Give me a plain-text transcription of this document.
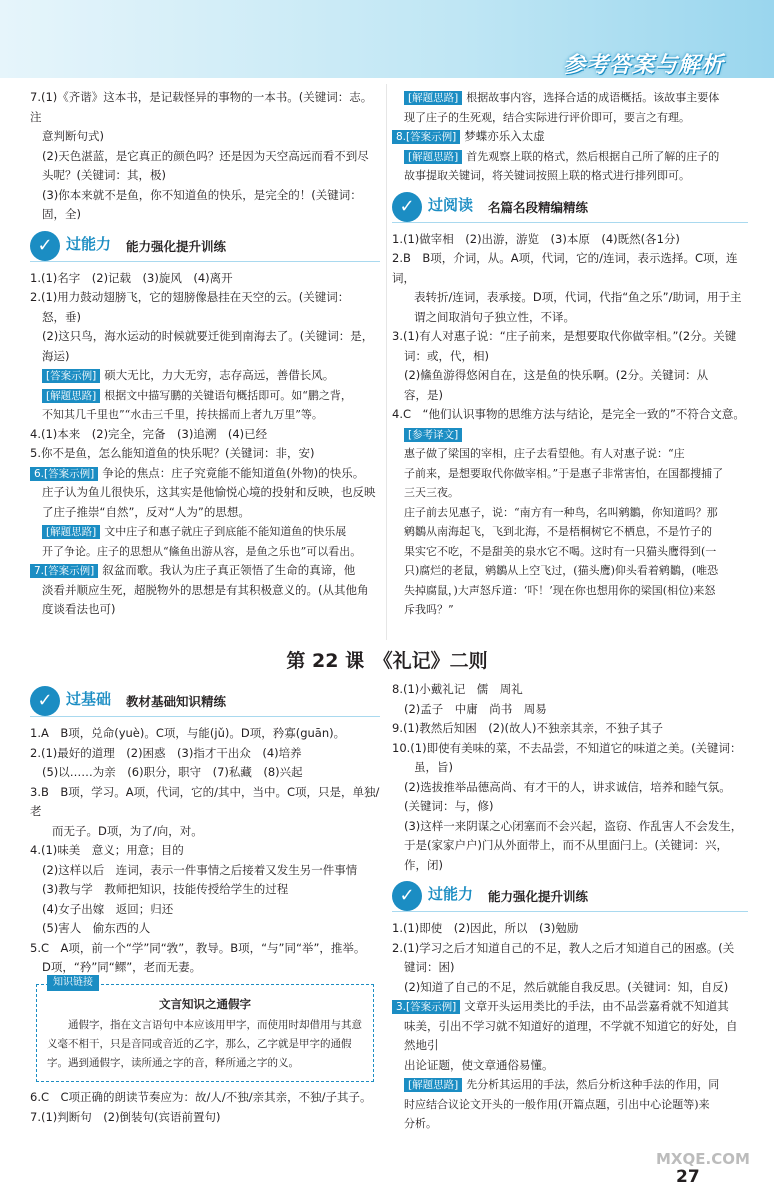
参考答案与解析

7.(1)《齐谐》这本书，是记载怪异的事物的一本书。(关键词：志。注

意判断句式)

(2)天色湛蓝，是它真正的颜色吗？还是因为天空高远而看不到尽

头呢？(关键词：其，极)

(3)你本来就不是鱼，你不知道鱼的快乐，是完全的！(关键词：

固，全)

✓ 过能力 能力强化提升训练

1.(1)名字　(2)记载　(3)旋风　(4)离开

2.(1)用力鼓动翅膀飞，它的翅膀像悬挂在天空的云。(关键词：

怒，垂)

(2)这只鸟，海水运动的时候就要迁徙到南海去了。(关键词：是，

海运)

[答案示例] 硕大无比，力大无穷，志存高远，善借长风。

[解题思路] 根据文中描写鹏的关键语句概括即可。如“鹏之背，

不知其几千里也”“水击三千里，抟扶摇而上者九万里”等。

4.(1)本来　(2)完全，完备　(3)追溯　(4)已经

5.你不是鱼，怎么能知道鱼的快乐呢？(关键词：非，安)

6.[答案示例] 争论的焦点：庄子究竟能不能知道鱼(外物)的快乐。

庄子认为鱼儿很快乐，这其实是他愉悦心境的投射和反映，也反映

了庄子推崇“自然”，反对“人为”的思想。

[解题思路] 文中庄子和惠子就庄子到底能不能知道鱼的快乐展

开了争论。庄子的思想从“鯈鱼出游从容，是鱼之乐也”可以看出。

7.[答案示例] 叙盆而歌。我认为庄子真正领悟了生命的真谛，他

淡看并顺应生死，超脱物外的思想是有其积极意义的。(从其他角

度谈看法也可)

[解题思路] 根据故事内容，选择合适的成语概括。该故事主要体

现了庄子的生死观，结合实际进行评价即可，要言之有理。

8.[答案示例] 梦蝶亦乐入太虚

[解题思路] 首先观察上联的格式，然后根据自己所了解的庄子的

故事提取关键词，将关键词按照上联的格式进行排列即可。

✓ 过阅读 名篇名段精编精练

1.(1)做宰相　(2)出游，游览　(3)本原　(4)既然(各1分)

2.B　B项，介词，从。A项，代词，它的/连词，表示选择。C项，连词，

表转折/连词，表承接。D项，代词，代指“鱼之乐”/助词，用于主

谓之间取消句子独立性，不译。

3.(1)有人对惠子说：“庄子前来，是想要取代你做宰相。”(2分。关键

词：或，代，相)

(2)鯈鱼游得悠闲自在，这是鱼的快乐啊。(2分。关键词：从

容，是)

4.C　“他们认识事物的思维方法与结论，是完全一致的”不符合文意。

[参考译文]

惠子做了梁国的宰相，庄子去看望他。有人对惠子说：“庄

子前来，是想要取代你做宰相。”于是惠子非常害怕，在国都搜捕了

三天三夜。

庄子前去见惠子，说：“南方有一种鸟，名叫鹓鶵，你知道吗？那

鹓鶵从南海起飞，飞到北海，不是梧桐树它不栖息，不是竹子的

果实它不吃，不是甜美的泉水它不喝。这时有一只猫头鹰得到(一

只)腐烂的老鼠，鹓鶵从上空飞过，(猫头鹰)仰头看着鹓鶵，(唯恐

失掉腐鼠，)大声怒斥道：‘吓！’现在你也想用你的梁国(相位)来怒

斥我吗？”

第 22 课　《礼记》二则
✓ 过基础 教材基础知识精练

1.A　B项，兑命(yuè)。C项，与能(jǔ)。D项，矜寡(guān)。

2.(1)最好的道理　(2)困惑　(3)指才干出众　(4)培养

(5)以……为亲　(6)职分，职守　(7)私藏　(8)兴起

3.B　B项，学习。A项，代词，它的/其中，当中。C项，只是，单独/老

而无子。D项，为了/向，对。

4.(1)味美　意义；用意；目的

(2)这样以后　连词，表示一件事情之后接着又发生另一件事情

(3)教与学　教师把知识，技能传授给学生的过程

(4)女子出嫁　返回；归还

(5)害人　偷东西的人

5.C　A项，前一个“学”同“敩”，教导。B项，“与”同“举”，推举。

D项，“矜”同“鳏”，老而无妻。

知识链接
文言知识之通假字
通假字，指在文言语句中本应该用甲字，而使用时却借用与其意义毫不相干，只是音同或音近的乙字，那么，乙字就是甲字的通假字。遇到通假字，读所通之字的音，释所通之字的义。

6.C　C项正确的朗读节奏应为：故/人/不独/亲其亲，不独/子其子。

7.(1)判断句　(2)倒装句(宾语前置句)

8.(1)小戴礼记　儒　周礼

(2)孟子　中庸　尚书　周易

9.(1)教然后知困　(2)(故人)不独亲其亲，不独子其子

10.(1)即使有美味的菜，不去品尝，不知道它的味道之美。(关键词：

虽，旨)

(2)选拔推举品德高尚、有才干的人，讲求诚信，培养和睦气氛。

(关键词：与，修)

(3)这样一来阴谋之心闭塞而不会兴起，盗窃、作乱害人不会发生，

于是(家家户户)门从外面带上，而不从里面闩上。(关键词：兴，

作，闭)

✓ 过能力 能力强化提升训练

1.(1)即使　(2)因此，所以　(3)勉励

2.(1)学习之后才知道自己的不足，教人之后才知道自己的困惑。(关

键词：困)

(2)知道了自己的不足，然后就能自我反思。(关键词：知，自反)

3.[答案示例] 文章开头运用类比的手法，由不品尝嘉肴就不知道其

味美，引出不学习就不知道好的道理，不学就不知道它的好处，自然地引

出论证题，使文章通俗易懂。

[解题思路] 先分析其运用的手法，然后分析这种手法的作用，同

时应结合议论文开头的一般作用(开篇点题，引出中心论题等)来

分析。

MXQE.COM
27
